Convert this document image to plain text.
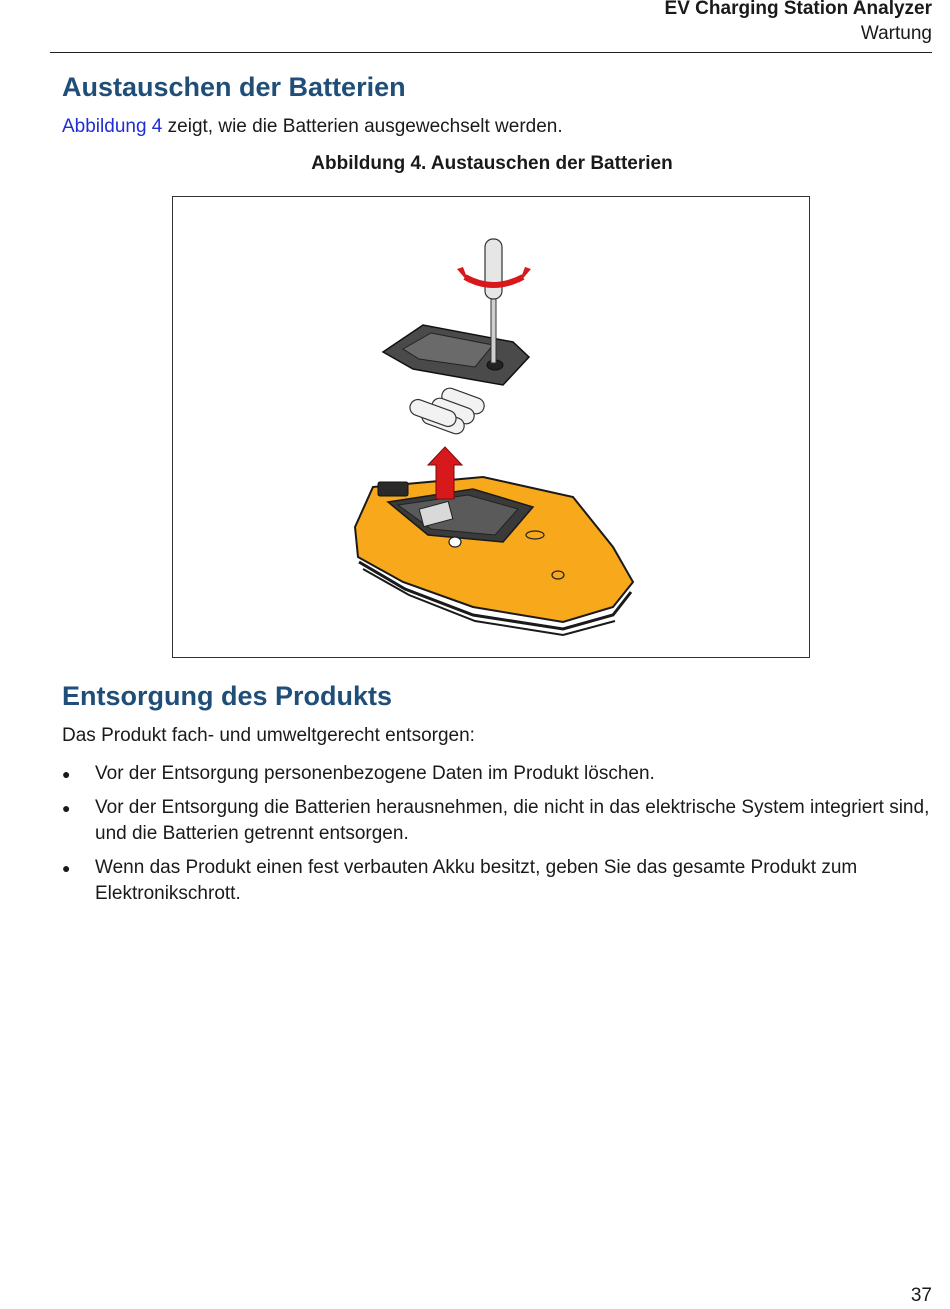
EV Charging Station Analyzer
Wartung
Austauschen der Batterien

Abbildung 4 zeigt, wie die Batterien ausgewechselt werden.

Abbildung 4. Austauschen der Batterien
Entsorgung des Produkts

Das Produkt fach- und umweltgerecht entsorgen:

●	Vor der Entsorgung personenbezogene Daten im Produkt löschen.
●	Vor der Entsorgung die Batterien herausnehmen, die nicht in das elektrische System integriert sind, und die Batterien getrennt entsorgen.
●	Wenn das Produkt einen fest verbauten Akku besitzt, geben Sie das gesamte Produkt zum Elektronikschrott.
37
